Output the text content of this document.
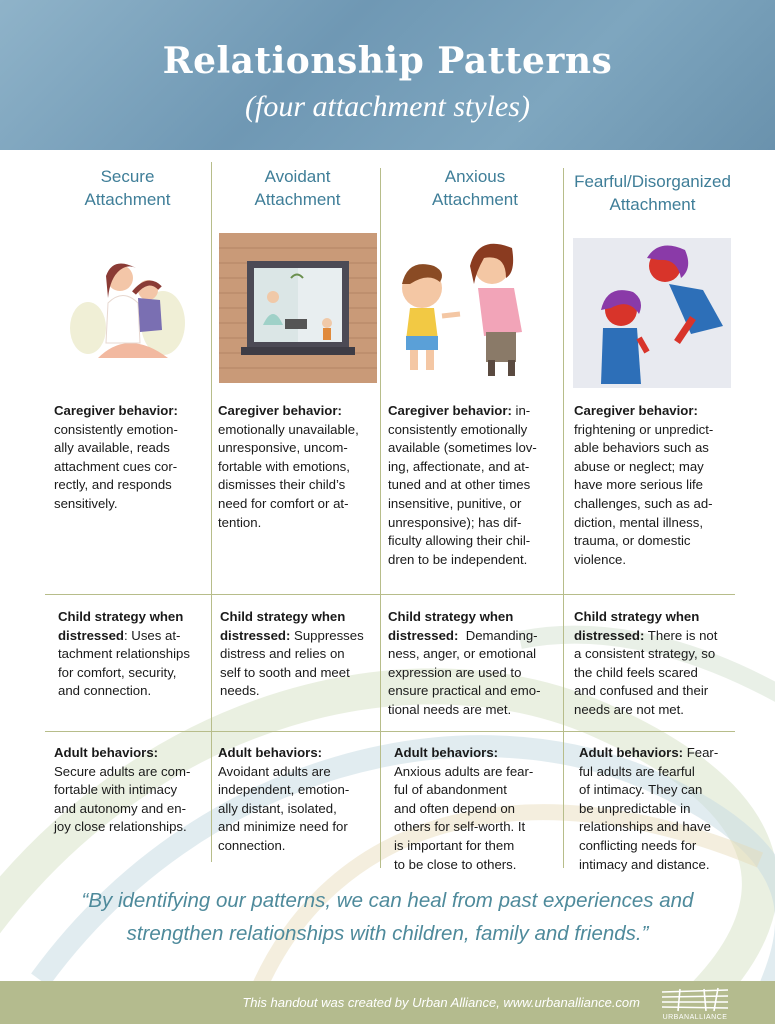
Relationship Patterns
(four attachment styles)
Secure
Attachment
Avoidant
Attachment
Anxious
Attachment
Fearful/Disorganized
Attachment
Caregiver behavior:
consistently emotion-
ally available, reads
attachment cues cor-
rectly, and responds
sensitively.
Caregiver behavior:
emotionally unavailable,
unresponsive, uncom-
fortable with emotions,
dismisses their child’s
need for comfort or at-
tention.
Caregiver behavior: in-
consistently emotionally
available (sometimes lov-
ing, affectionate, and at-
tuned and at other times
insensitive, punitive, or
unresponsive); has dif-
ficulty allowing their chil-
dren to be independent.
Caregiver behavior:
frightening or unpredict-
able behaviors such as
abuse or neglect; may
have more serious life
challenges, such as ad-
diction, mental illness,
trauma, or domestic
violence.
Child strategy when
distressed: Uses at-
tachment relationships
for comfort, security,
and connection.
Child strategy when
distressed: Suppresses
distress and relies on
self to sooth and meet
needs.
Child strategy when
distressed:  Demanding-
ness, anger, or emotional
expression are used to
ensure practical and emo-
tional needs are met.
Child strategy when
distressed: There is not
a consistent strategy, so
the child feels scared
and confused and their
needs are not met.
Adult behaviors:
Secure adults are com-
fortable with intimacy
and autonomy and en-
joy close relationships.
Adult behaviors:
Avoidant adults are
independent, emotion-
ally distant, isolated,
and minimize need for
connection.
Adult behaviors:
Anxious adults are fear-
ful of abandonment
and often depend on
others for self-worth. It
is important for them
to be close to others.
Adult behaviors: Fear-
ful adults are fearful
of intimacy. They can
be unpredictable in
relationships and have
conflicting needs for
intimacy and distance.
“By identifying our patterns, we can heal from past experiences and
strengthen relationships with children, family and friends.”
This handout was created by Urban Alliance, www.urbanalliance.com
URBANALLIANCE
